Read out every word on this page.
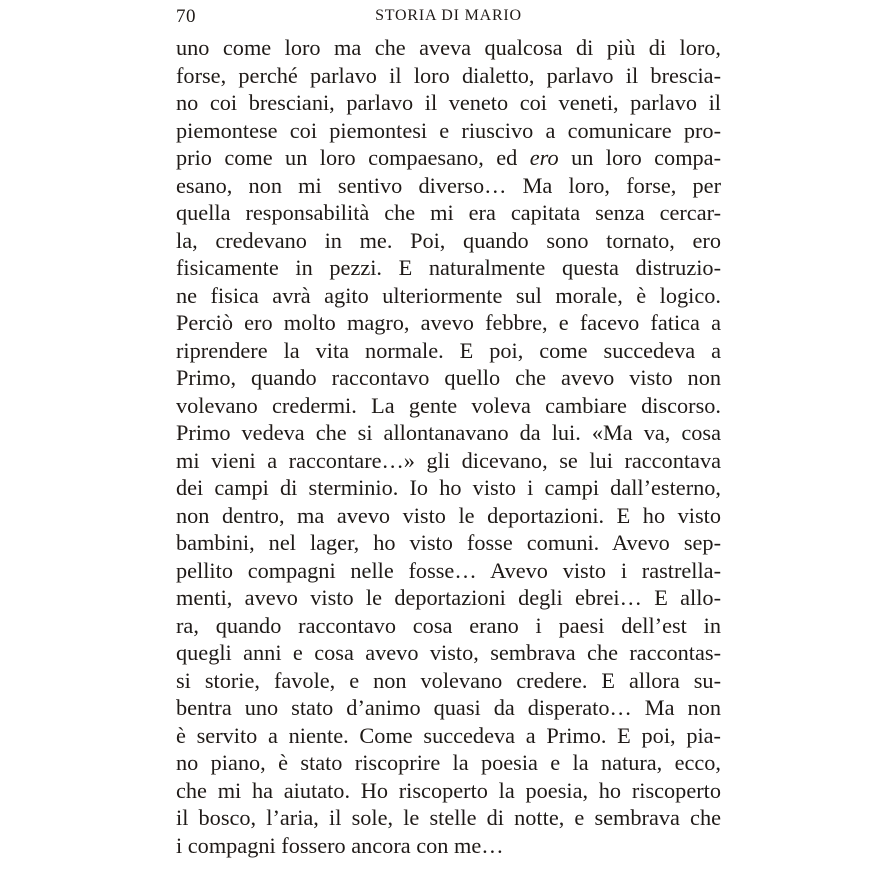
70	STORIA DI MARIO
uno come loro ma che aveva qualcosa di più di loro,
forse, perché parlavo il loro dialetto, parlavo il brescia-
no coi bresciani, parlavo il veneto coi veneti, parlavo il
piemontese coi piemontesi e riuscivo a comunicare pro-
prio come un loro compaesano, ed ero un loro compa-
esano, non mi sentivo diverso… Ma loro, forse, per
quella responsabilità che mi era capitata senza cercar-
la, credevano in me. Poi, quando sono tornato, ero
fisicamente in pezzi. E naturalmente questa distruzio-
ne fisica avrà agito ulteriormente sul morale, è logico.
Perciò ero molto magro, avevo febbre, e facevo fatica a
riprendere la vita normale. E poi, come succedeva a
Primo, quando raccontavo quello che avevo visto non
volevano credermi. La gente voleva cambiare discorso.
Primo vedeva che si allontanavano da lui. «Ma va, cosa
mi vieni a raccontare…» gli dicevano, se lui raccontava
dei campi di sterminio. Io ho visto i campi dall’esterno,
non dentro, ma avevo visto le deportazioni. E ho visto
bambini, nel lager, ho visto fosse comuni. Avevo sep-
pellito compagni nelle fosse… Avevo visto i rastrella-
menti, avevo visto le deportazioni degli ebrei… E allo-
ra, quando raccontavo cosa erano i paesi dell’est in
quegli anni e cosa avevo visto, sembrava che raccontas-
si storie, favole, e non volevano credere. E allora su-
bentra uno stato d’animo quasi da disperato… Ma non
è servito a niente. Come succedeva a Primo. E poi, pia-
no piano, è stato riscoprire la poesia e la natura, ecco,
che mi ha aiutato. Ho riscoperto la poesia, ho riscoperto
il bosco, l’aria, il sole, le stelle di notte, e sembrava che
i compagni fossero ancora con me…
